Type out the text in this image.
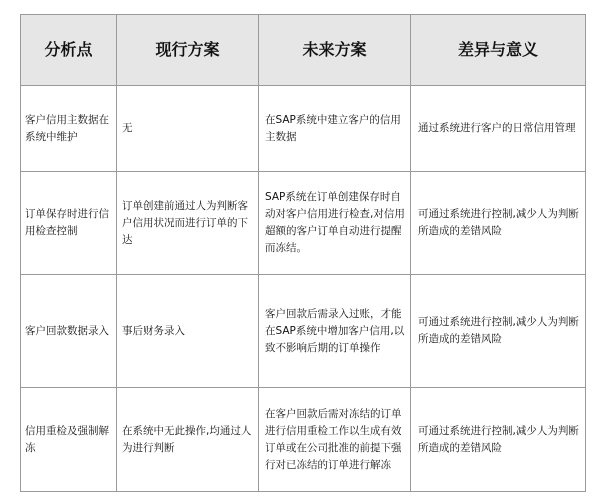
分析点	现行方案	未来方案	差异与意义
客户信用主数据在系统中维护	无	在SAP系统中建立客户的信用主数据	通过系统进行客户的日常信用管理
订单保存时进行信用检查控制	订单创建前通过人为判断客户信用状况而进行订单的下达	SAP系统在订单创建保存时自动对客户信用进行检查,对信用超额的客户订单自动进行提醒而冻结。	可通过系统进行控制,减少人为判断所造成的差错风险
客户回款数据录入	事后财务录入	客户回款后需录入过账，才能在SAP系统中增加客户信用,以致不影响后期的订单操作	可通过系统进行控制,减少人为判断所造成的差错风险
信用重检及强制解冻	在系统中无此操作,均通过人为进行判断	在客户回款后需对冻结的订单进行信用重检工作以生成有效订单或在公司批准的前提下强行对已冻结的订单进行解冻	可通过系统进行控制,减少人为判断所造成的差错风险
